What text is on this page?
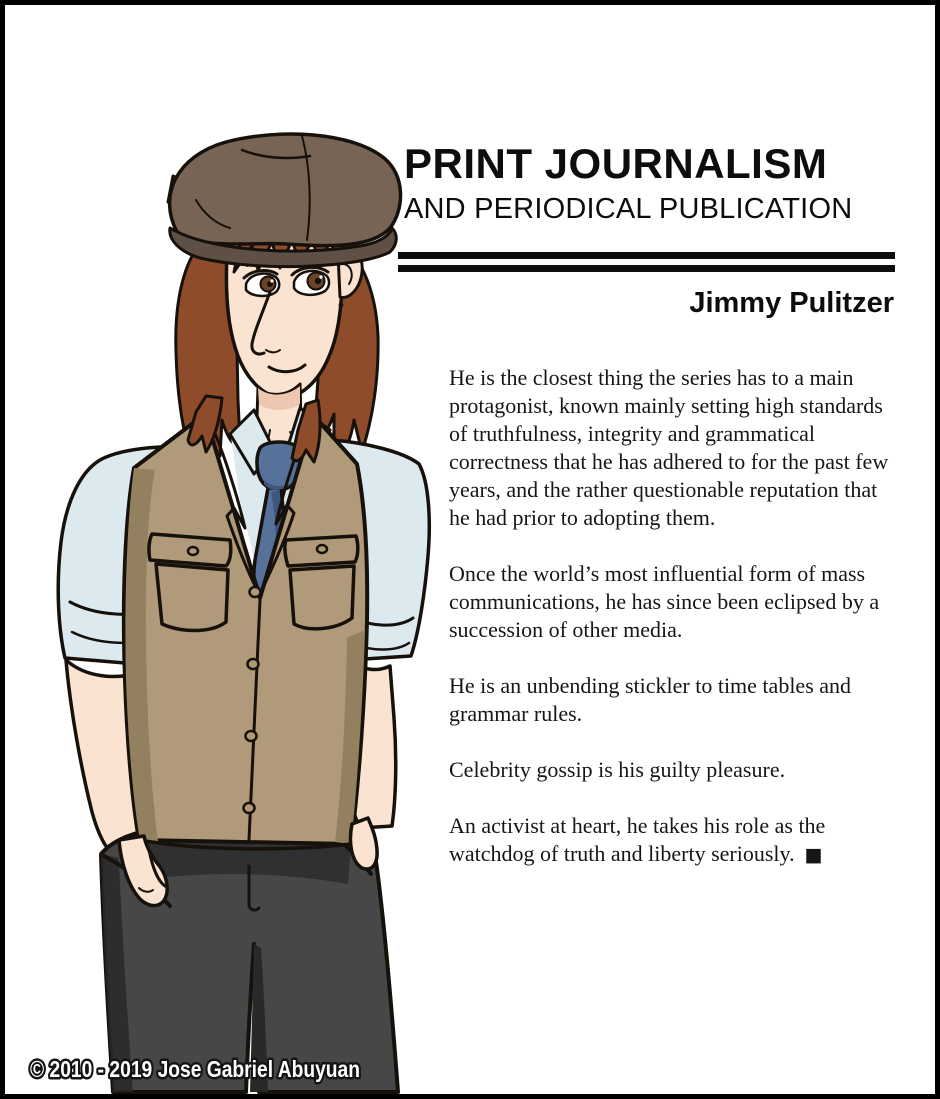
© 2010 - 2019 Jose Gabriel Abuyuan
PRINT JOURNALISM
AND PERIODICAL PUBLICATION
Jimmy Pulitzer

He is the closest thing the series has to a main protagonist, known mainly setting high standards of truthfulness, integrity and grammatical correctness that he has adhered to for the past few years, and the rather questionable reputation that he had prior to adopting them.

Once the world’s most influential form of mass communications, he has since been eclipsed by a succession of other media.

He is an unbending stickler to time tables and grammar rules.

Celebrity gossip is his guilty pleasure.

An activist at heart, he takes his role as the watchdog of truth and liberty seriously. ■
